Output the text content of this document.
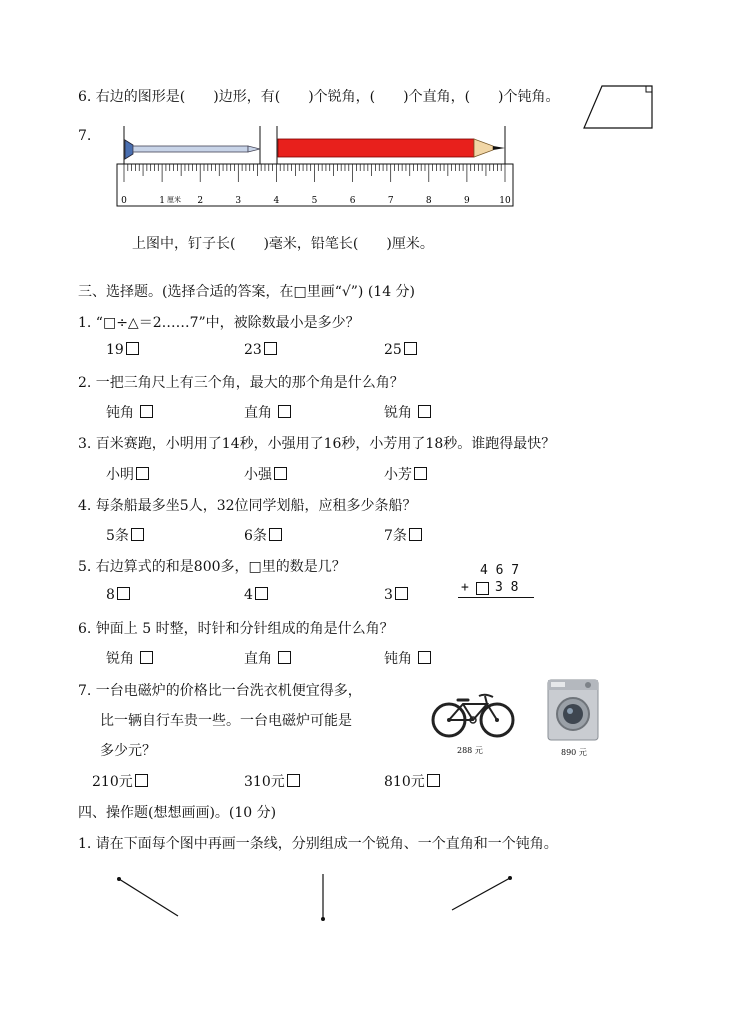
6. 右边的图形是(　　)边形，有(　　)个锐角，(　　)个直角，(　　)个钝角。
7.
0	1	2	3	4	5	6	7	8	9	10
厘米
上图中，钉子长(　　)毫米，铅笔长(　　)厘米。
三、选择题。(选择合适的答案，在□里画“√”) (14 分)
1. “□÷△＝2……7”中，被除数最小是多少？
19	23	25
2. 一把三角尺上有三个角，最大的那个角是什么角？
钝角	直角	锐角
3. 百米赛跑，小明用了14秒，小强用了16秒，小芳用了18秒。谁跑得最快？
小明	小强	小芳
4. 每条船最多坐5人，32位同学划船，应租多少条船？
5条	6条	7条
5. 右边算式的和是800多，□里的数是几？
8	4	3
4 6 7
+ 3 8
6. 钟面上 5 时整，时针和分针组成的角是什么角？
锐角	直角	钝角
7. 一台电磁炉的价格比一台洗衣机便宜得多，
比一辆自行车贵一些。一台电磁炉可能是
多少元？
210元	310元	810元
288 元	890 元
四、操作题(想想画画)。(10 分)
1. 请在下面每个图中再画一条线，分别组成一个锐角、一个直角和一个钝角。
